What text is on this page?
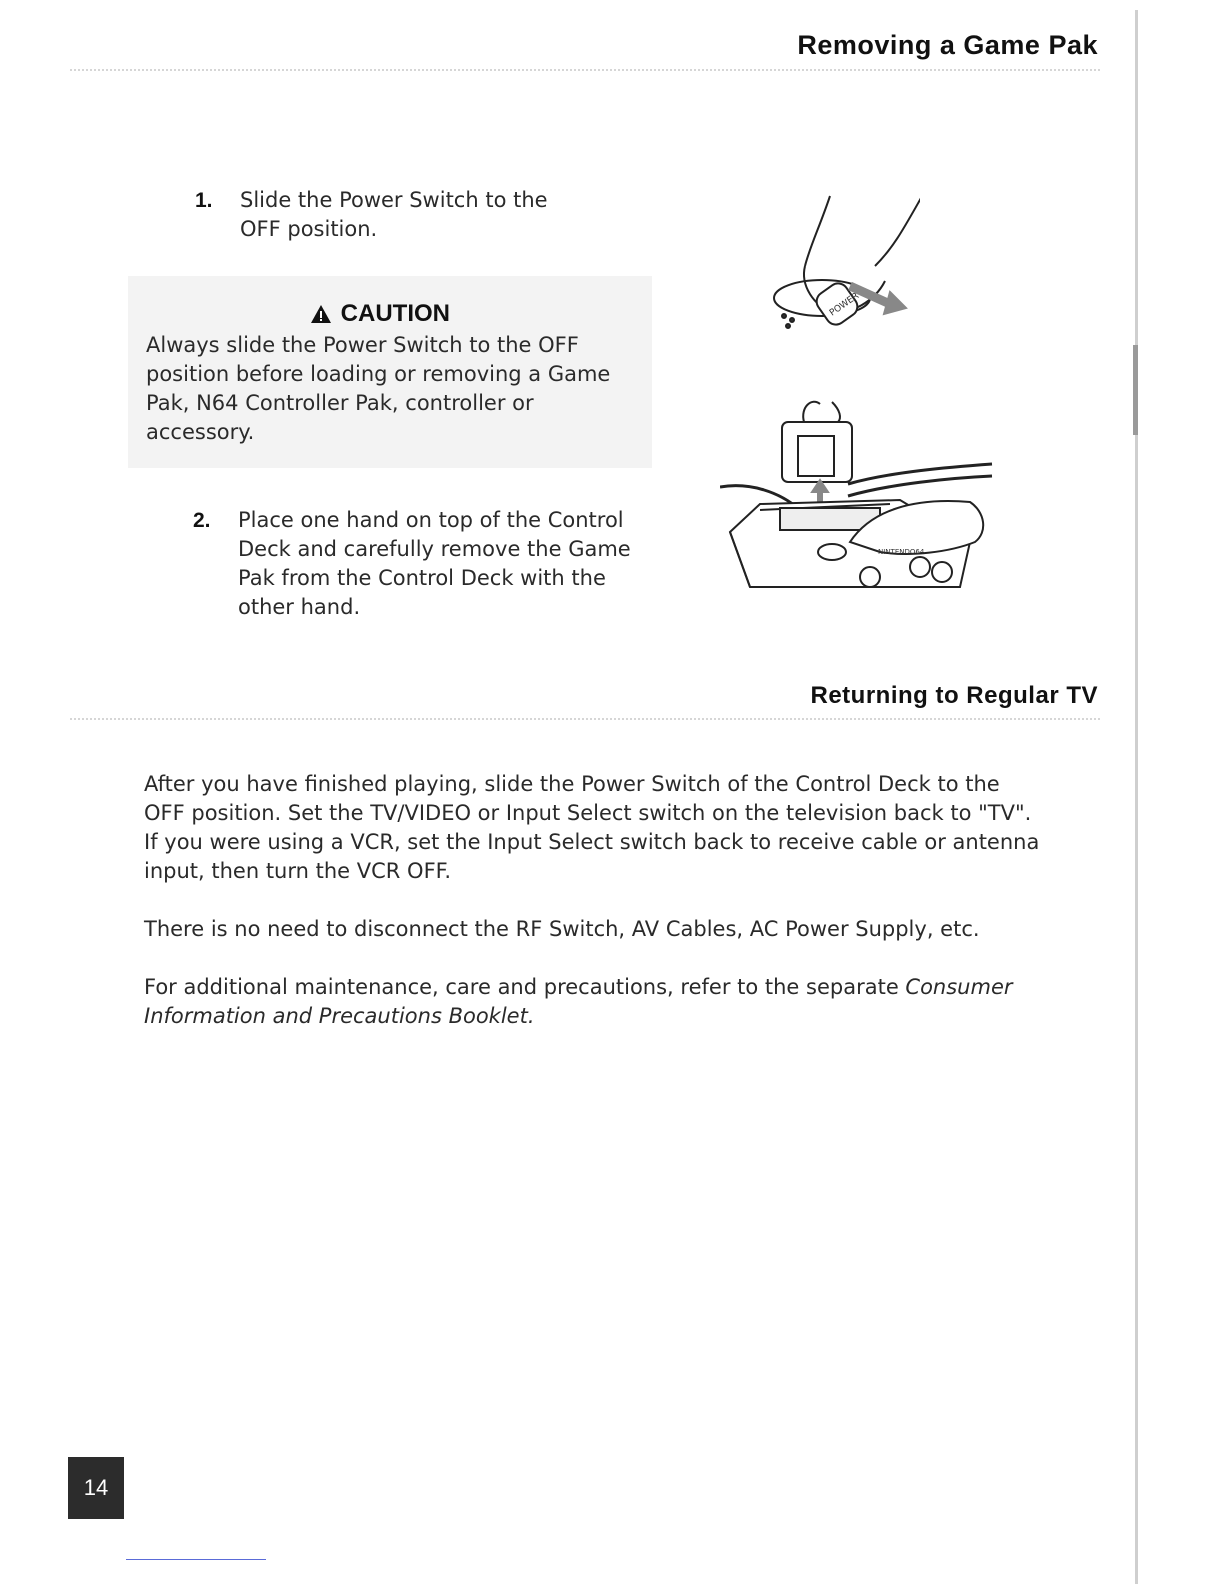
Removing a Game Pak
1. Slide the Power Switch to the OFF position.
CAUTION
Always slide the Power Switch to the OFF position before loading or removing a Game Pak, N64 Controller Pak, controller or accessory.
2. Place one hand on top of the Control Deck and carefully remove the Game Pak from the Control Deck with the other hand.
POWER
NINTENDO64
Returning to Regular TV

After you have finished playing, slide the Power Switch of the Control Deck to the OFF position. Set the TV/VIDEO or Input Select switch on the television back to "TV". If you were using a VCR, set the Input Select switch back to receive cable or antenna input, then turn the VCR OFF.

There is no need to disconnect the RF Switch, AV Cables, AC Power Supply, etc.

For additional maintenance, care and precautions, refer to the separate Consumer Information and Precautions Booklet.

14
